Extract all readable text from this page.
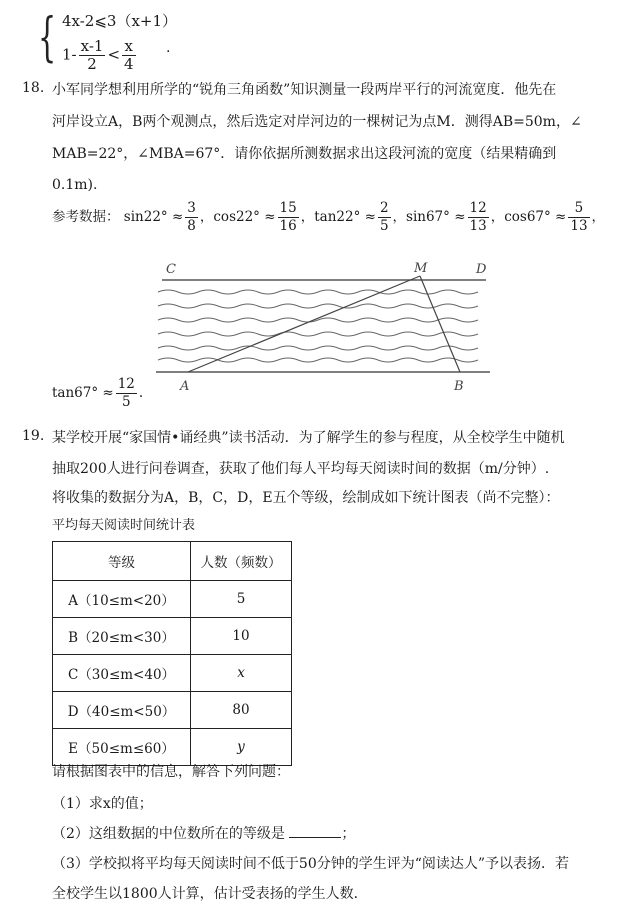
{ 4x-2⩽3（x+1）
$1- \frac{x-1}{2} < \frac{x}{4}$ .
18. 小军同学想利用所学的“锐角三角函数”知识测量一段两岸平行的河流宽度．他先在
河岸设立A，B两个观测点，然后选定对岸河边的一棵树记为点M．测得AB=50m，∠
MAB=22°，∠MBA=67°．请你依据所测数据求出这段河流的宽度（结果精确到
0.1m).
参考数据： $\sin 22^\circ \approx \frac{3}{8}$ ，$\cos 22^\circ \approx \frac{15}{16}$ ，$\tan 22^\circ \approx \frac{2}{5}$ ，$\sin 67^\circ \approx \frac{12}{13}$ ，$\cos 67^\circ \approx \frac{5}{13}$ ，
C	M	D
A	B
$\tan 67^\circ \approx \frac{12}{5}$ .
19. 某学校开展“家国情•诵经典”读书活动．为了解学生的参与程度，从全校学生中随机
抽取200人进行问卷调查，获取了他们每人平均每天阅读时间的数据（m/分钟）.
将收集的数据分为A，B，C，D，E五个等级，绘制成如下统计图表（尚不完整）：
平均每天阅读时间统计表
等级	人数（频数）
A（10≤m<20）	5
B（20≤m<30）	10
C（30≤m<40）	x
D（40≤m<50）	80
E（50≤m≤60）	y
请根据图表中的信息，解答下列问题：
（1）求x的值；
（2）这组数据的中位数所在的等级是	；
（3）学校拟将平均每天阅读时间不低于50分钟的学生评为“阅读达人”予以表扬．若
全校学生以1800人计算，估计受表扬的学生人数．
